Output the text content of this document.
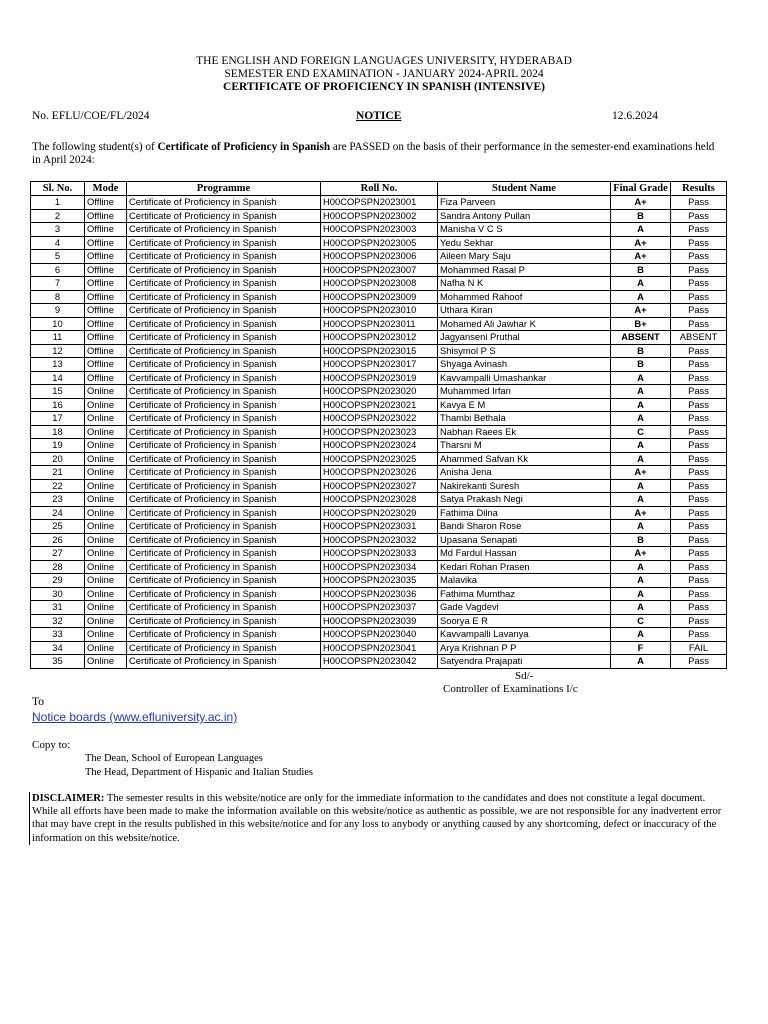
THE ENGLISH AND FOREIGN LANGUAGES UNIVERSITY, HYDERABAD
SEMESTER END EXAMINATION - JANUARY 2024-APRIL 2024
CERTIFICATE OF PROFICIENCY IN SPANISH (INTENSIVE)
No. EFLU/COE/FL/2024	NOTICE	12.6.2024
The following student(s) of Certificate of Proficiency in Spanish are PASSED on the basis of their performance in the semester-end examinations held in April 2024:
Sl. No.	Mode	Programme	Roll No.	Student Name	Final Grade	Results
1	Offline	Certificate of Proficiency in Spanish	H00COPSPN2023001	Fiza Parveen	A+	Pass
2	Offline	Certificate of Proficiency in Spanish	H00COPSPN2023002	Sandra Antony Pullan	B	Pass
3	Offline	Certificate of Proficiency in Spanish	H00COPSPN2023003	Manisha V C S	A	Pass
4	Offline	Certificate of Proficiency in Spanish	H00COPSPN2023005	Yedu Sekhar	A+	Pass
5	Offline	Certificate of Proficiency in Spanish	H00COPSPN2023006	Aileen Mary Saju	A+	Pass
6	Offline	Certificate of Proficiency in Spanish	H00COPSPN2023007	Mohammed Rasal P	B	Pass
7	Offline	Certificate of Proficiency in Spanish	H00COPSPN2023008	Nafha N K	A	Pass
8	Offline	Certificate of Proficiency in Spanish	H00COPSPN2023009	Mohammed Rahoof	A	Pass
9	Offline	Certificate of Proficiency in Spanish	H00COPSPN2023010	Uthara Kiran	A+	Pass
10	Offline	Certificate of Proficiency in Spanish	H00COPSPN2023011	Mohamed Ali Jawhar K	B+	Pass
11	Offline	Certificate of Proficiency in Spanish	H00COPSPN2023012	Jagyanseni Pruthal	ABSENT	ABSENT
12	Offline	Certificate of Proficiency in Spanish	H00COPSPN2023015	Shisymol P S	B	Pass
13	Offline	Certificate of Proficiency in Spanish	H00COPSPN2023017	Shyaga Avinash	B	Pass
14	Offline	Certificate of Proficiency in Spanish	H00COPSPN2023019	Kavvampalli Umashankar	A	Pass
15	Online	Certificate of Proficiency in Spanish	H00COPSPN2023020	Muhammed Irfan	A	Pass
16	Online	Certificate of Proficiency in Spanish	H00COPSPN2023021	Kavya E M	A	Pass
17	Online	Certificate of Proficiency in Spanish	H00COPSPN2023022	Thambi Bethala	A	Pass
18	Online	Certificate of Proficiency in Spanish	H00COPSPN2023023	Nabhan Raees Ek	C	Pass
19	Online	Certificate of Proficiency in Spanish	H00COPSPN2023024	Tharsni M	A	Pass
20	Online	Certificate of Proficiency in Spanish	H00COPSPN2023025	Ahammed Safvan Kk	A	Pass
21	Online	Certificate of Proficiency in Spanish	H00COPSPN2023026	Anisha Jena	A+	Pass
22	Online	Certificate of Proficiency in Spanish	H00COPSPN2023027	Nakirekanti Suresh	A	Pass
23	Online	Certificate of Proficiency in Spanish	H00COPSPN2023028	Satya Prakash Negi	A	Pass
24	Online	Certificate of Proficiency in Spanish	H00COPSPN2023029	Fathima Dilna	A+	Pass
25	Online	Certificate of Proficiency in Spanish	H00COPSPN2023031	Bandi Sharon Rose	A	Pass
26	Online	Certificate of Proficiency in Spanish	H00COPSPN2023032	Upasana Senapati	B	Pass
27	Online	Certificate of Proficiency in Spanish	H00COPSPN2023033	Md Fardul Hassan	A+	Pass
28	Online	Certificate of Proficiency in Spanish	H00COPSPN2023034	Kedari Rohan Prasen	A	Pass
29	Online	Certificate of Proficiency in Spanish	H00COPSPN2023035	Malavika	A	Pass
30	Online	Certificate of Proficiency in Spanish	H00COPSPN2023036	Fathima Mumthaz	A	Pass
31	Online	Certificate of Proficiency in Spanish	H00COPSPN2023037	Gade Vagdevi	A	Pass
32	Online	Certificate of Proficiency in Spanish	H00COPSPN2023039	Soorya E R	C	Pass
33	Online	Certificate of Proficiency in Spanish	H00COPSPN2023040	Kavvampalli Lavanya	A	Pass
34	Online	Certificate of Proficiency in Spanish	H00COPSPN2023041	Arya Krishnan P P	F	FAIL
35	Online	Certificate of Proficiency in Spanish	H00COPSPN2023042	Satyendra Prajapati	A	Pass
Sd/-
Controller of Examinations I/c
To
Notice boards (www.efluniversity.ac.in)
Copy to:
The Dean, School of European Languages
The Head, Department of Hispanic and Italian Studies
DISCLAIMER: The semester results in this website/notice are only for the immediate information to the candidates and does not constitute a legal document. While all efforts have been made to make the information available on this website/notice as authentic as possible, we are not responsible for any inadvertent error that may have crept in the results published in this website/notice and for any loss to anybody or anything caused by any shortcoming, defect or inaccuracy of the information on this website/notice.
